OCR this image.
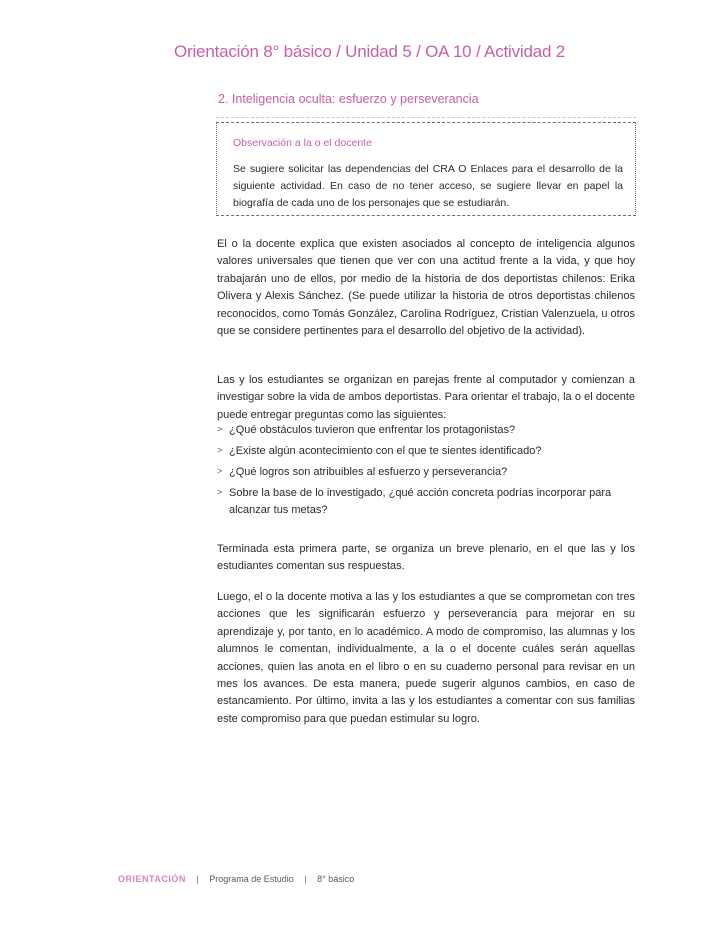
Orientación 8° básico / Unidad 5 / OA 10 / Actividad 2
2. Inteligencia oculta: esfuerzo y perseverancia
Observación a la o el docente
Se sugiere solicitar las dependencias del CRA O Enlaces para el desarrollo de la siguiente actividad. En caso de no tener acceso, se sugiere llevar en papel la biografía de cada uno de los personajes que se estudiarán.
El o la docente explica que existen asociados al concepto de inteligencia algunos valores universales que tienen que ver con una actitud frente a la vida, y que hoy trabajarán uno de ellos, por medio de la historia de dos deportistas chilenos: Erika Olivera y Alexis Sánchez. (Se puede utilizar la historia de otros deportistas chilenos reconocidos, como Tomás González, Carolina Rodríguez, Cristian Valenzuela, u otros que se considere pertinentes para el desarrollo del objetivo de la actividad).
Las y los estudiantes se organizan en parejas frente al computador y comienzan a investigar sobre la vida de ambos deportistas. Para orientar el trabajo, la o el docente puede entregar preguntas como las siguientes:
> ¿Qué obstáculos tuvieron que enfrentar los protagonistas?
> ¿Existe algún acontecimiento con el que te sientes identificado?
> ¿Qué logros son atribuibles al esfuerzo y perseverancia?
> Sobre la base de lo investigado, ¿qué acción concreta podrías incorporar para alcanzar tus metas?
Terminada esta primera parte, se organiza un breve plenario, en el que las y los estudiantes comentan sus respuestas.
Luego, el o la docente motiva a las y los estudiantes a que se comprometan con tres acciones que les significarán esfuerzo y perseverancia para mejorar en su aprendizaje y, por tanto, en lo académico. A modo de compromiso, las alumnas y los alumnos le comentan, individualmente, a la o el docente cuáles serán aquellas acciones, quien las anota en el libro o en su cuaderno personal para revisar en un mes los avances. De esta manera, puede sugerir algunos cambios, en caso de estancamiento. Por último, invita a las y los estudiantes a comentar con sus familias este compromiso para que puedan estimular su logro.
ORIENTACIÓN | Programa de Estudio | 8° básico
